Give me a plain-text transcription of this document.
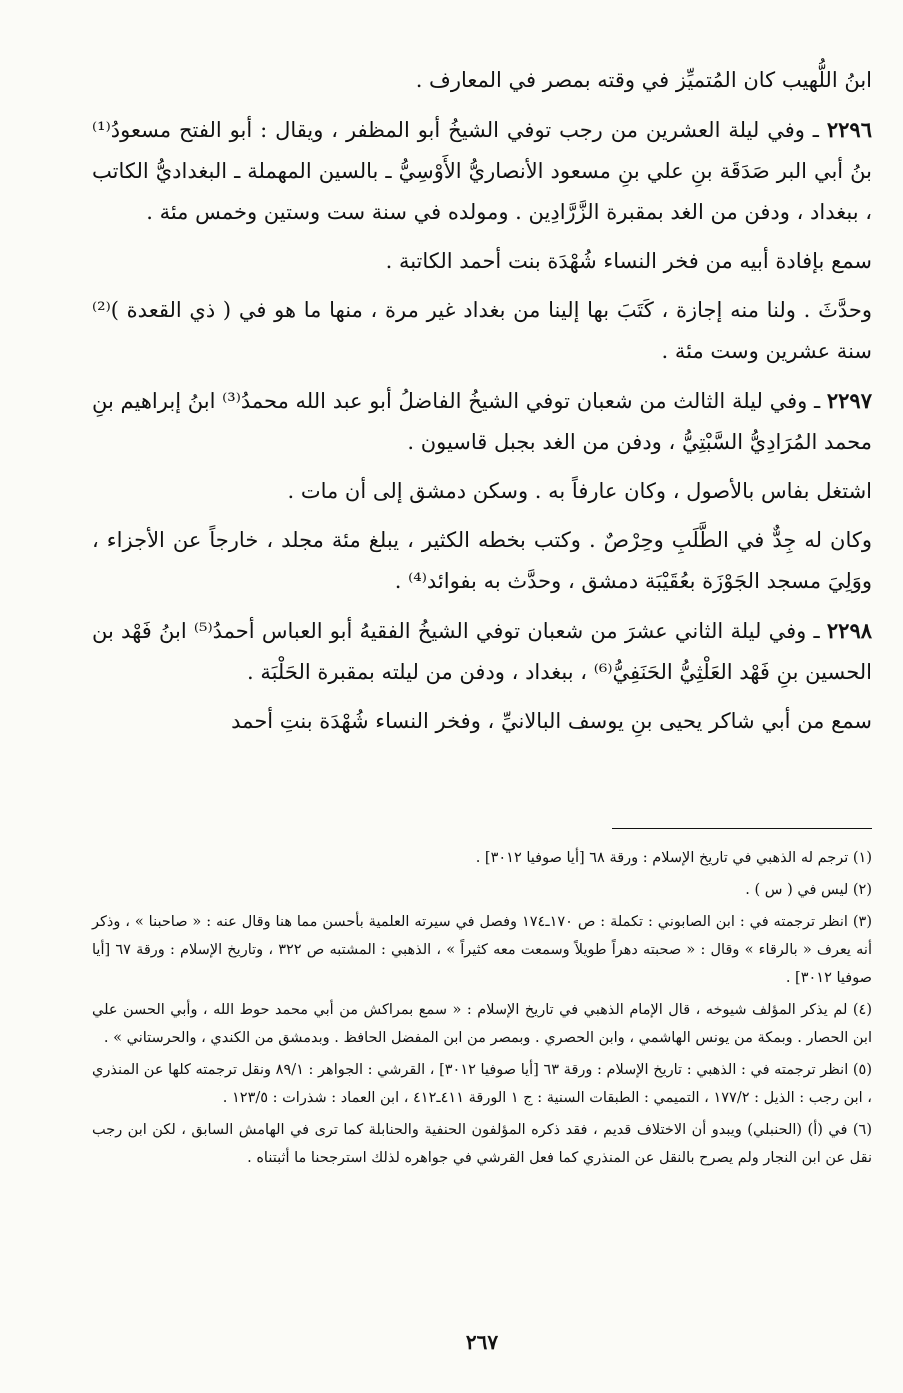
ابنُ اللُّهيب كان المُتميِّز في وقته بمصر في المعارف .

٢٢٩٦ ـ وفي ليلة العشرين من رجب توفي الشيخُ أبو المظفر ، ويقال : أبو الفتح مسعودُ⁽¹⁾ بنُ أبي البر صَدَقَة بنِ علي بنِ مسعود الأنصاريُّ الأَوْسِيُّ ـ بالسين المهملة ـ البغداديُّ الكاتب ، ببغداد ، ودفن من الغد بمقبرة الزَّرَّادِين . ومولده في سنة ست وستين وخمس مئة .

سمع بإفادة أبيه من فخر النساء شُهْدَة بنت أحمد الكاتبة .

وحدَّثَ . ولنا منه إجازة ، كَتَبَ بها إلينا من بغداد غير مرة ، منها ما هو في ( ذي القعدة )⁽²⁾ سنة عشرين وست مئة .

٢٢٩٧ ـ وفي ليلة الثالث من شعبان توفي الشيخُ الفاضلُ أبو عبد الله محمدُ⁽³⁾ ابنُ إبراهيم بنِ محمد المُرَادِيُّ السَّبْتِيُّ ، ودفن من الغد بجبل قاسيون .

اشتغل بفاس بالأصول ، وكان عارفاً به . وسكن دمشق إلى أن مات .

وكان له جِدٌّ في الطَّلَبِ وحِرْصٌ . وكتب بخطه الكثير ، يبلغ مئة مجلد ، خارجاً عن الأجزاء ، ووَلِيَ مسجد الجَوْزَة بعُقَيْبَة دمشق ، وحدَّث به بفوائد⁽⁴⁾ .

٢٢٩٨ ـ وفي ليلة الثاني عشرَ من شعبان توفي الشيخُ الفقيهُ أبو العباس أحمدُ⁽⁵⁾ ابنُ فَهْد بن الحسين بنِ فَهْد العَلْثِيُّ الحَنَفِيُّ⁽⁶⁾ ، ببغداد ، ودفن من ليلته بمقبرة الحَلْبَة .

سمع من أبي شاكر يحيى بنِ يوسف البالانيِّ ، وفخر النساء شُهْدَة بنتِ أحمد

(١) ترجم له الذهبي في تاريخ الإسلام : ورقة ٦٨ [أيا صوفيا ٣٠١٢] .

(٢) ليس في ( س ) .

(٣) انظر ترجمته في : ابن الصابوني : تكملة : ص ١٧٠ـ١٧٤ وفصل في سيرته العلمية بأحسن مما هنا وقال عنه : « صاحبنا » ، وذكر أنه يعرف « بالرقاء » وقال : « صحبته دهراً طويلاً وسمعت معه كثيراً » ، الذهبي : المشتبه ص ٣٢٢ ، وتاريخ الإسلام : ورقة ٦٧ [أيا صوفيا ٣٠١٢] .

(٤) لم يذكر المؤلف شيوخه ، قال الإمام الذهبي في تاريخ الإسلام : « سمع بمراكش من أبي محمد حوط الله ، وأبي الحسن علي ابن الحصار . وبمكة من يونس الهاشمي ، وابن الحصري . وبمصر من ابن المفضل الحافظ . وبدمشق من الكندي ، والحرستاني » .

(٥) انظر ترجمته في : الذهبي : تاريخ الإسلام : ورقة ٦٣ [أيا صوفيا ٣٠١٢] ، القرشي : الجواهر : ٨٩/١ ونقل ترجمته كلها عن المنذري ، ابن رجب : الذيل : ١٧٧/٢ ، التميمي : الطبقات السنية : ج ١ الورقة ٤١١ـ٤١٢ ، ابن العماد : شذرات : ١٢٣/٥ .

(٦) في (أ) (الحنبلي) ويبدو أن الاختلاف قديم ، فقد ذكره المؤلفون الحنفية والحنابلة كما ترى في الهامش السابق ، لكن ابن رجب نقل عن ابن النجار ولم يصرح بالنقل عن المنذري كما فعل القرشي في جواهره لذلك استرجحنا ما أثبتناه .

٢٦٧
